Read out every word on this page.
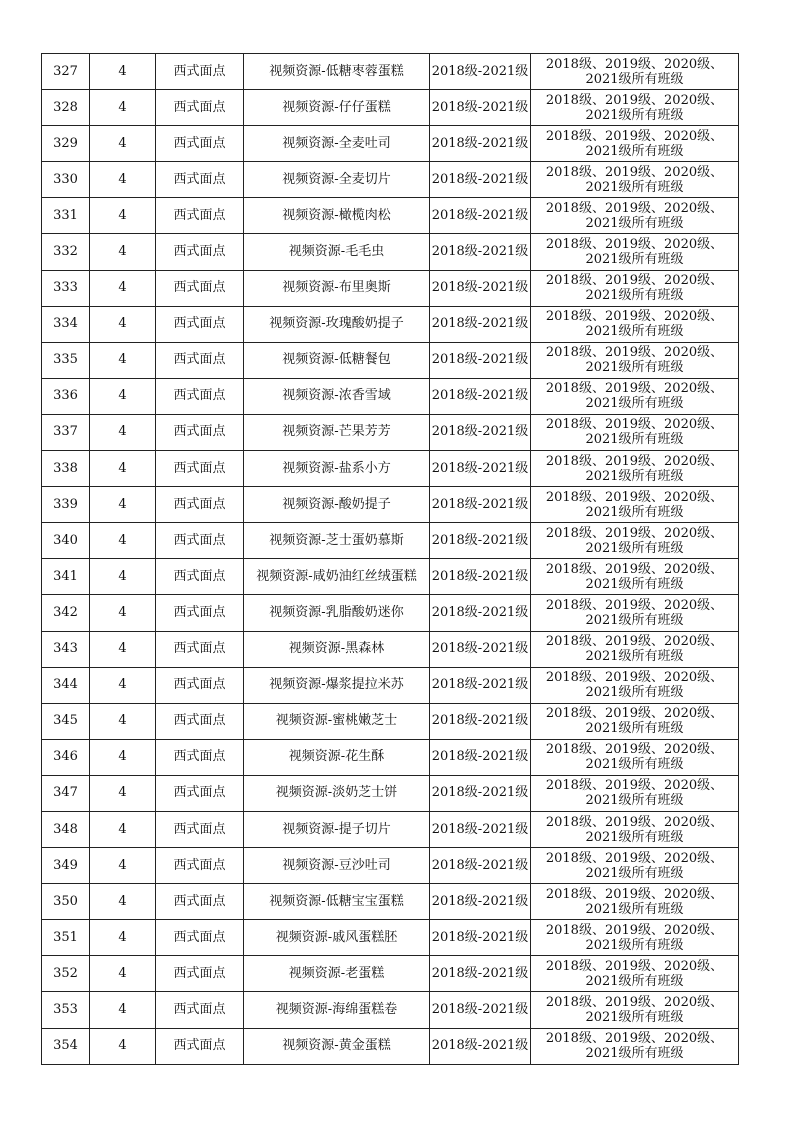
327	4	西式面点	视频资源-低糖枣蓉蛋糕	2018级-2021级	2018级、2019级、2020级、
2021级所有班级

328	4	西式面点	视频资源-仔仔蛋糕	2018级-2021级	2018级、2019级、2020级、
2021级所有班级

329	4	西式面点	视频资源-全麦吐司	2018级-2021级	2018级、2019级、2020级、
2021级所有班级

330	4	西式面点	视频资源-全麦切片	2018级-2021级	2018级、2019级、2020级、
2021级所有班级

331	4	西式面点	视频资源-橄榄肉松	2018级-2021级	2018级、2019级、2020级、
2021级所有班级

332	4	西式面点	视频资源-毛毛虫	2018级-2021级	2018级、2019级、2020级、
2021级所有班级

333	4	西式面点	视频资源-布里奥斯	2018级-2021级	2018级、2019级、2020级、
2021级所有班级

334	4	西式面点	视频资源-玫瑰酸奶提子	2018级-2021级	2018级、2019级、2020级、
2021级所有班级

335	4	西式面点	视频资源-低糖餐包	2018级-2021级	2018级、2019级、2020级、
2021级所有班级

336	4	西式面点	视频资源-浓香雪域	2018级-2021级	2018级、2019级、2020级、
2021级所有班级

337	4	西式面点	视频资源-芒果芳芳	2018级-2021级	2018级、2019级、2020级、
2021级所有班级

338	4	西式面点	视频资源-盐系小方	2018级-2021级	2018级、2019级、2020级、
2021级所有班级

339	4	西式面点	视频资源-酸奶提子	2018级-2021级	2018级、2019级、2020级、
2021级所有班级

340	4	西式面点	视频资源-芝士蛋奶慕斯	2018级-2021级	2018级、2019级、2020级、
2021级所有班级

341	4	西式面点	视频资源-咸奶油红丝绒蛋糕	2018级-2021级	2018级、2019级、2020级、
2021级所有班级

342	4	西式面点	视频资源-乳脂酸奶迷你	2018级-2021级	2018级、2019级、2020级、
2021级所有班级

343	4	西式面点	视频资源-黑森林	2018级-2021级	2018级、2019级、2020级、
2021级所有班级

344	4	西式面点	视频资源-爆浆提拉米苏	2018级-2021级	2018级、2019级、2020级、
2021级所有班级

345	4	西式面点	视频资源-蜜桃嫩芝士	2018级-2021级	2018级、2019级、2020级、
2021级所有班级

346	4	西式面点	视频资源-花生酥	2018级-2021级	2018级、2019级、2020级、
2021级所有班级

347	4	西式面点	视频资源-淡奶芝士饼	2018级-2021级	2018级、2019级、2020级、
2021级所有班级

348	4	西式面点	视频资源-提子切片	2018级-2021级	2018级、2019级、2020级、
2021级所有班级

349	4	西式面点	视频资源-豆沙吐司	2018级-2021级	2018级、2019级、2020级、
2021级所有班级

350	4	西式面点	视频资源-低糖宝宝蛋糕	2018级-2021级	2018级、2019级、2020级、
2021级所有班级

351	4	西式面点	视频资源-戚风蛋糕胚	2018级-2021级	2018级、2019级、2020级、
2021级所有班级

352	4	西式面点	视频资源-老蛋糕	2018级-2021级	2018级、2019级、2020级、
2021级所有班级

353	4	西式面点	视频资源-海绵蛋糕卷	2018级-2021级	2018级、2019级、2020级、
2021级所有班级

354	4	西式面点	视频资源-黄金蛋糕	2018级-2021级	2018级、2019级、2020级、
2021级所有班级
